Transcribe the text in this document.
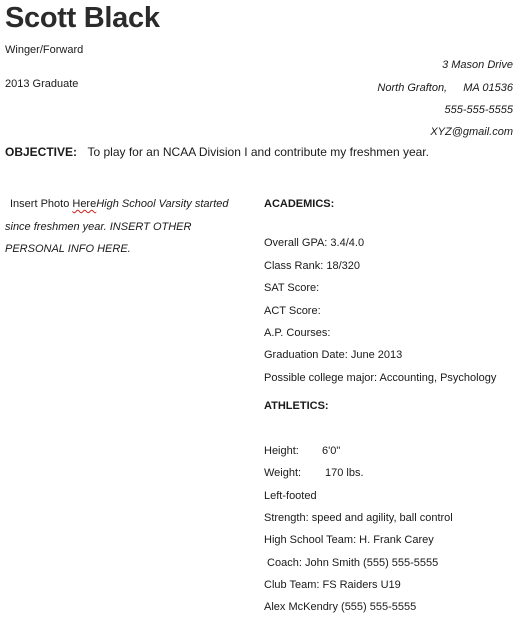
Scott Black
Winger/Forward
2013 Graduate
3 Mason Drive
North Grafton, MA 01536
555-555-5555
XYZ@gmail.com
OBJECTIVE: To play for an NCAA Division I and contribute my freshmen year.
Insert Photo HereHigh School Varsity started
since freshmen year. INSERT OTHER
PERSONAL INFO HERE.
ACADEMICS:
Overall GPA: 3.4/4.0
Class Rank: 18/320
SAT Score:
ACT Score:
A.P. Courses:
Graduation Date: June 2013
Possible college major: Accounting, Psychology
ATHLETICS:
Height: 6'0"
Weight: 170 lbs.
Left-footed
Strength: speed and agility, ball control
High School Team: H. Frank Carey
Coach: John Smith (555) 555-5555
Club Team: FS Raiders U19
Alex McKendry (555) 555-5555
